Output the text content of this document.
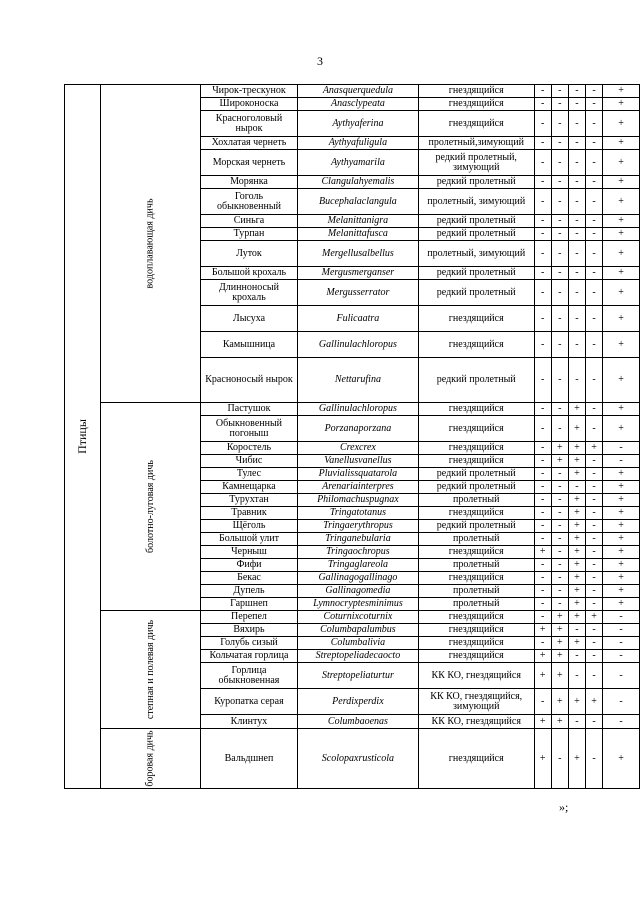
3
Птицы	водоплавающая дичь	Чирок-трескунок	Anasquerquedula	гнездящийся	-	-	-	-	+
		Широконоска	Anasclypeata	гнездящийся	-	-	-	-	+
		Красноголовый нырок	Aythyaferina	гнездящийся	-	-	-	-	+
		Хохлатая чернеть	Aythyafuligula	пролетный,зимующий	-	-	-	-	+
		Морская чернеть	Aythyamarila	редкий пролетный, зимующий	-	-	-	-	+
		Морянка	Clangulahyemalis	редкий пролетный	-	-	-	-	+
		Гоголь обыкновенный	Bucephalaclangula	пролетный, зимующий	-	-	-	-	+
		Синьга	Melanittanigra	редкий пролетный	-	-	-	-	+
		Турпан	Melanittafusca	редкий пролетный	-	-	-	-	+
		Луток	Mergellusalbellus	пролетный, зимующий	-	-	-	-	+
		Большой крохаль	Mergusmerganser	редкий пролетный	-	-	-	-	+
		Длинноносый крохаль	Mergusserrator	редкий пролетный	-	-	-	-	+
		Лысуха	Fulicaatra	гнездящийся	-	-	-	-	+
		Камышница	Gallinulachloropus	гнездящийся	-	-	-	-	+
		Красноносый нырок	Nettarufina	редкий пролетный	-	-	-	-	+
	болотно-луговая дичь	Пастушок	Gallinulachloropus	гнездящийся	-	-	+	-	+
		Обыкновенный погоныш	Porzanaporzana	гнездящийся	-	-	+	-	+
		Коростель	Crexcrex	гнездящийся	-	+	+	+	-
		Чибис	Vanellusvanellus	гнездящийся	-	+	+	-	-
		Тулес	Pluvialissquatarola	редкий пролетный	-	-	+	-	+
		Камнещарка	Arenariainterpres	редкий пролетный	-	-	-	-	+
		Турухтан	Philomachuspugnax	пролетный	-	-	+	-	+
		Травник	Tringatotanus	гнездящийся	-	-	+	-	+
		Щёголь	Tringaerythropus	редкий пролетный	-	-	+	-	+
		Большой улит	Tringanebularia	пролетный	-	-	+	-	+
		Черныш	Tringaochropus	гнездящийся	+	-	+	-	+
		Фифи	Tringaglareola	пролетный	-	-	+	-	+
		Бекас	Gallinagogallinago	гнездящийся	-	-	+	-	+
		Дупель	Gallinagomedia	пролетный	-	-	+	-	+
		Гаршнеп	Lymnocryptesminimus	пролетный	-	-	+	-	+
	степная и полевая дичь	Перепел	Coturnixcoturnix	гнездящийся	-	+	+	+	-
		Вяхирь	Columbapalumbus	гнездящийся	+	+	-	-	-
		Голубь сизый	Columbalivia	гнездящийся	-	+	+	-	-
		Кольчатая горлица	Streptopeliadecaocto	гнездящийся	+	+	-	-	-
		Горлица обыкновенная	Streptopeliaturtur	КК КО, гнездящийся	+	+	-	-	-
		Куропатка серая	Perdixperdix	КК КО, гнездящийся, зимующий	-	+	+	+	-
		Клинтух	Columbaoenas	КК КО, гнездящийся	+	+	-	-	-
	боровая дичь	Вальдшнеп	Scolopaxrusticola	гнездящийся	+	-	+	-	+
»;
